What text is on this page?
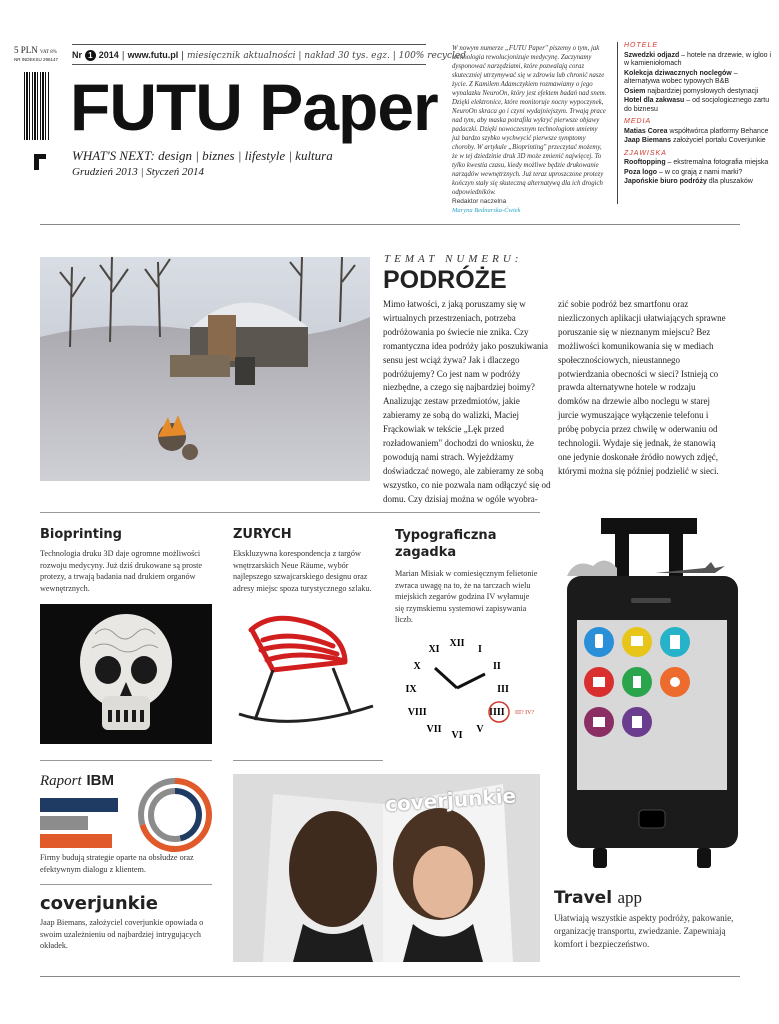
5 PLN VAT 8%
NR INDEKSU 296147 Nr 1 2014 | www.futu.pl | miesięcznik aktualności | nakład 30 tys. egz. | 100% recycled
FUTU Paper
WHAT'S NEXT: design | biznes | lifestyle | kultura
Grudzień 2013 | Styczeń 2014
W nowym numerze „FUTU Paper" piszemy o tym, jak technologia rewolucjonizuje medycynę. Zaczynamy dysponować narzędziami, które pozwalają coraz skuteczniej utrzymywać się w zdrowiu lub chronić nasze życie. Z Kamilem Adamczykiem rozmawiamy o jego wynalazku NeuroOn, który jest efektem badań nad snem. Dzięki elektronice, które monitoruje nocny wypoczynek, NeuroOn skraca go i czyni wydajniejszym. Trwają prace nad tym, aby maska potrafiła wykryć pierwsze objawy padaczki. Dzięki nowoczesnym technologiom umiemy już bardzo szybko wychwycić pierwsze symptomy choroby. W artykule „Bioprinting" przeczytać możemy, że w tej dziedzinie druk 3D może zmienić najwięcej. To tylko kwestia czasu, kiedy możliwe będzie drukowanie narządów wewnętrznych. Już teraz uproszczone protezy kończyn stały się skuteczną alternatywą dla ich drogich odpowiedników.
Redaktor naczelna
Maryna Bednarska-Ćwiek
HOTELE
Szwedzki odjazd – hotele na drzewie, w igloo i w kamieniołomach
Kolekcja dziwacznych noclegów – alternatywa wobec typowych B&B
Osiem najbardziej pomysłowych destynacji
Hotel dla zakwasu – od socjologicznego zartu do biznesu
MEDIA
Matias Corea współtwórca platformy Behance
Jaap Biemans założyciel portalu Coverjunkie
ZJAWISKA
Rooftopping – ekstremalna fotografia miejska
Poza logo – w co grają z nami marki?
Japońskie biuro podróży dla pluszaków
TEMAT NUMERU:
PODRÓŻE
Mimo łatwości, z jaką poruszamy się w wirtualnych przestrzeniach, potrzeba podróżowania po świecie nie znika. Czy romantyczna idea podróży jako poszukiwania sensu jest wciąż żywa? Jak i dlaczego podróżujemy? Co jest nam w podróży niezbędne, a czego się najbardziej boimy? Analizując zestaw przedmiotów, jakie zabieramy ze sobą do walizki, Maciej Frąckowiak w tekście „Lęk przed rozładowaniem" dochodzi do wniosku, że powodują nami strach. Wyjeżdżamy doświadczać nowego, ale zabieramy ze sobą wszystko, co nie pozwala nam odłączyć się od domu. Czy dzisiaj można w ogóle wyobra-
zić sobie podróż bez smartfonu oraz niezliczonych aplikacji ułatwiających sprawne poruszanie się w nieznanym miejscu? Bez możliwości komunikowania się w mediach społecznościowych, nieustannego potwierdzania obecności w sieci? Istnieją co prawda alternatywne hotele w rodzaju domków na drzewie albo noclegu w starej jurcie wymuszające wyłączenie telefonu i próbę pobycia przez chwilę w oderwaniu od technologii. Wydaje się jednak, że stanowią one jedynie doskonałe źródło nowych zdjęć, którymi można się później podzielić w sieci.
Bioprinting
Technologia druku 3D daje ogromne możliwości rozwoju medycyny. Już dziś drukowane są proste protezy, a trwają badania nad drukiem organów wewnętrznych.
ZURYCH
Ekskluzywna korespondencja z targów wnętrzarskich Neue Räume, wybór najlepszego szwajcarskiego designu oraz adresy miejsc spoza turystycznego szlaku.
Typograficzna zagadka
Marian Misiak w comiesięcznym felietonie zwraca uwagę na to, że na tarczach wielu miejskich zegarów godzina IV wyłamuje się rzymskiemu systemowi zapisywania liczb.
XII
I
II
III
IIII
V
VI
VII
VIII
IX
X
XI
III? IV?
Raport IBM
Firmy budują strategie oparte na obsłudze oraz efektywnym dialogu z klientem.
coverjunkie
Jaap Biemans, założyciel coverjunkie opowiada o swoim uzależnieniu od najbardziej intrygujących okładek.
coverjunkie
Travel app
Ułatwiają wszystkie aspekty podróży, pakowanie, organizację transportu, zwiedzanie. Zapewniają komfort i bezpieczeństwo.
